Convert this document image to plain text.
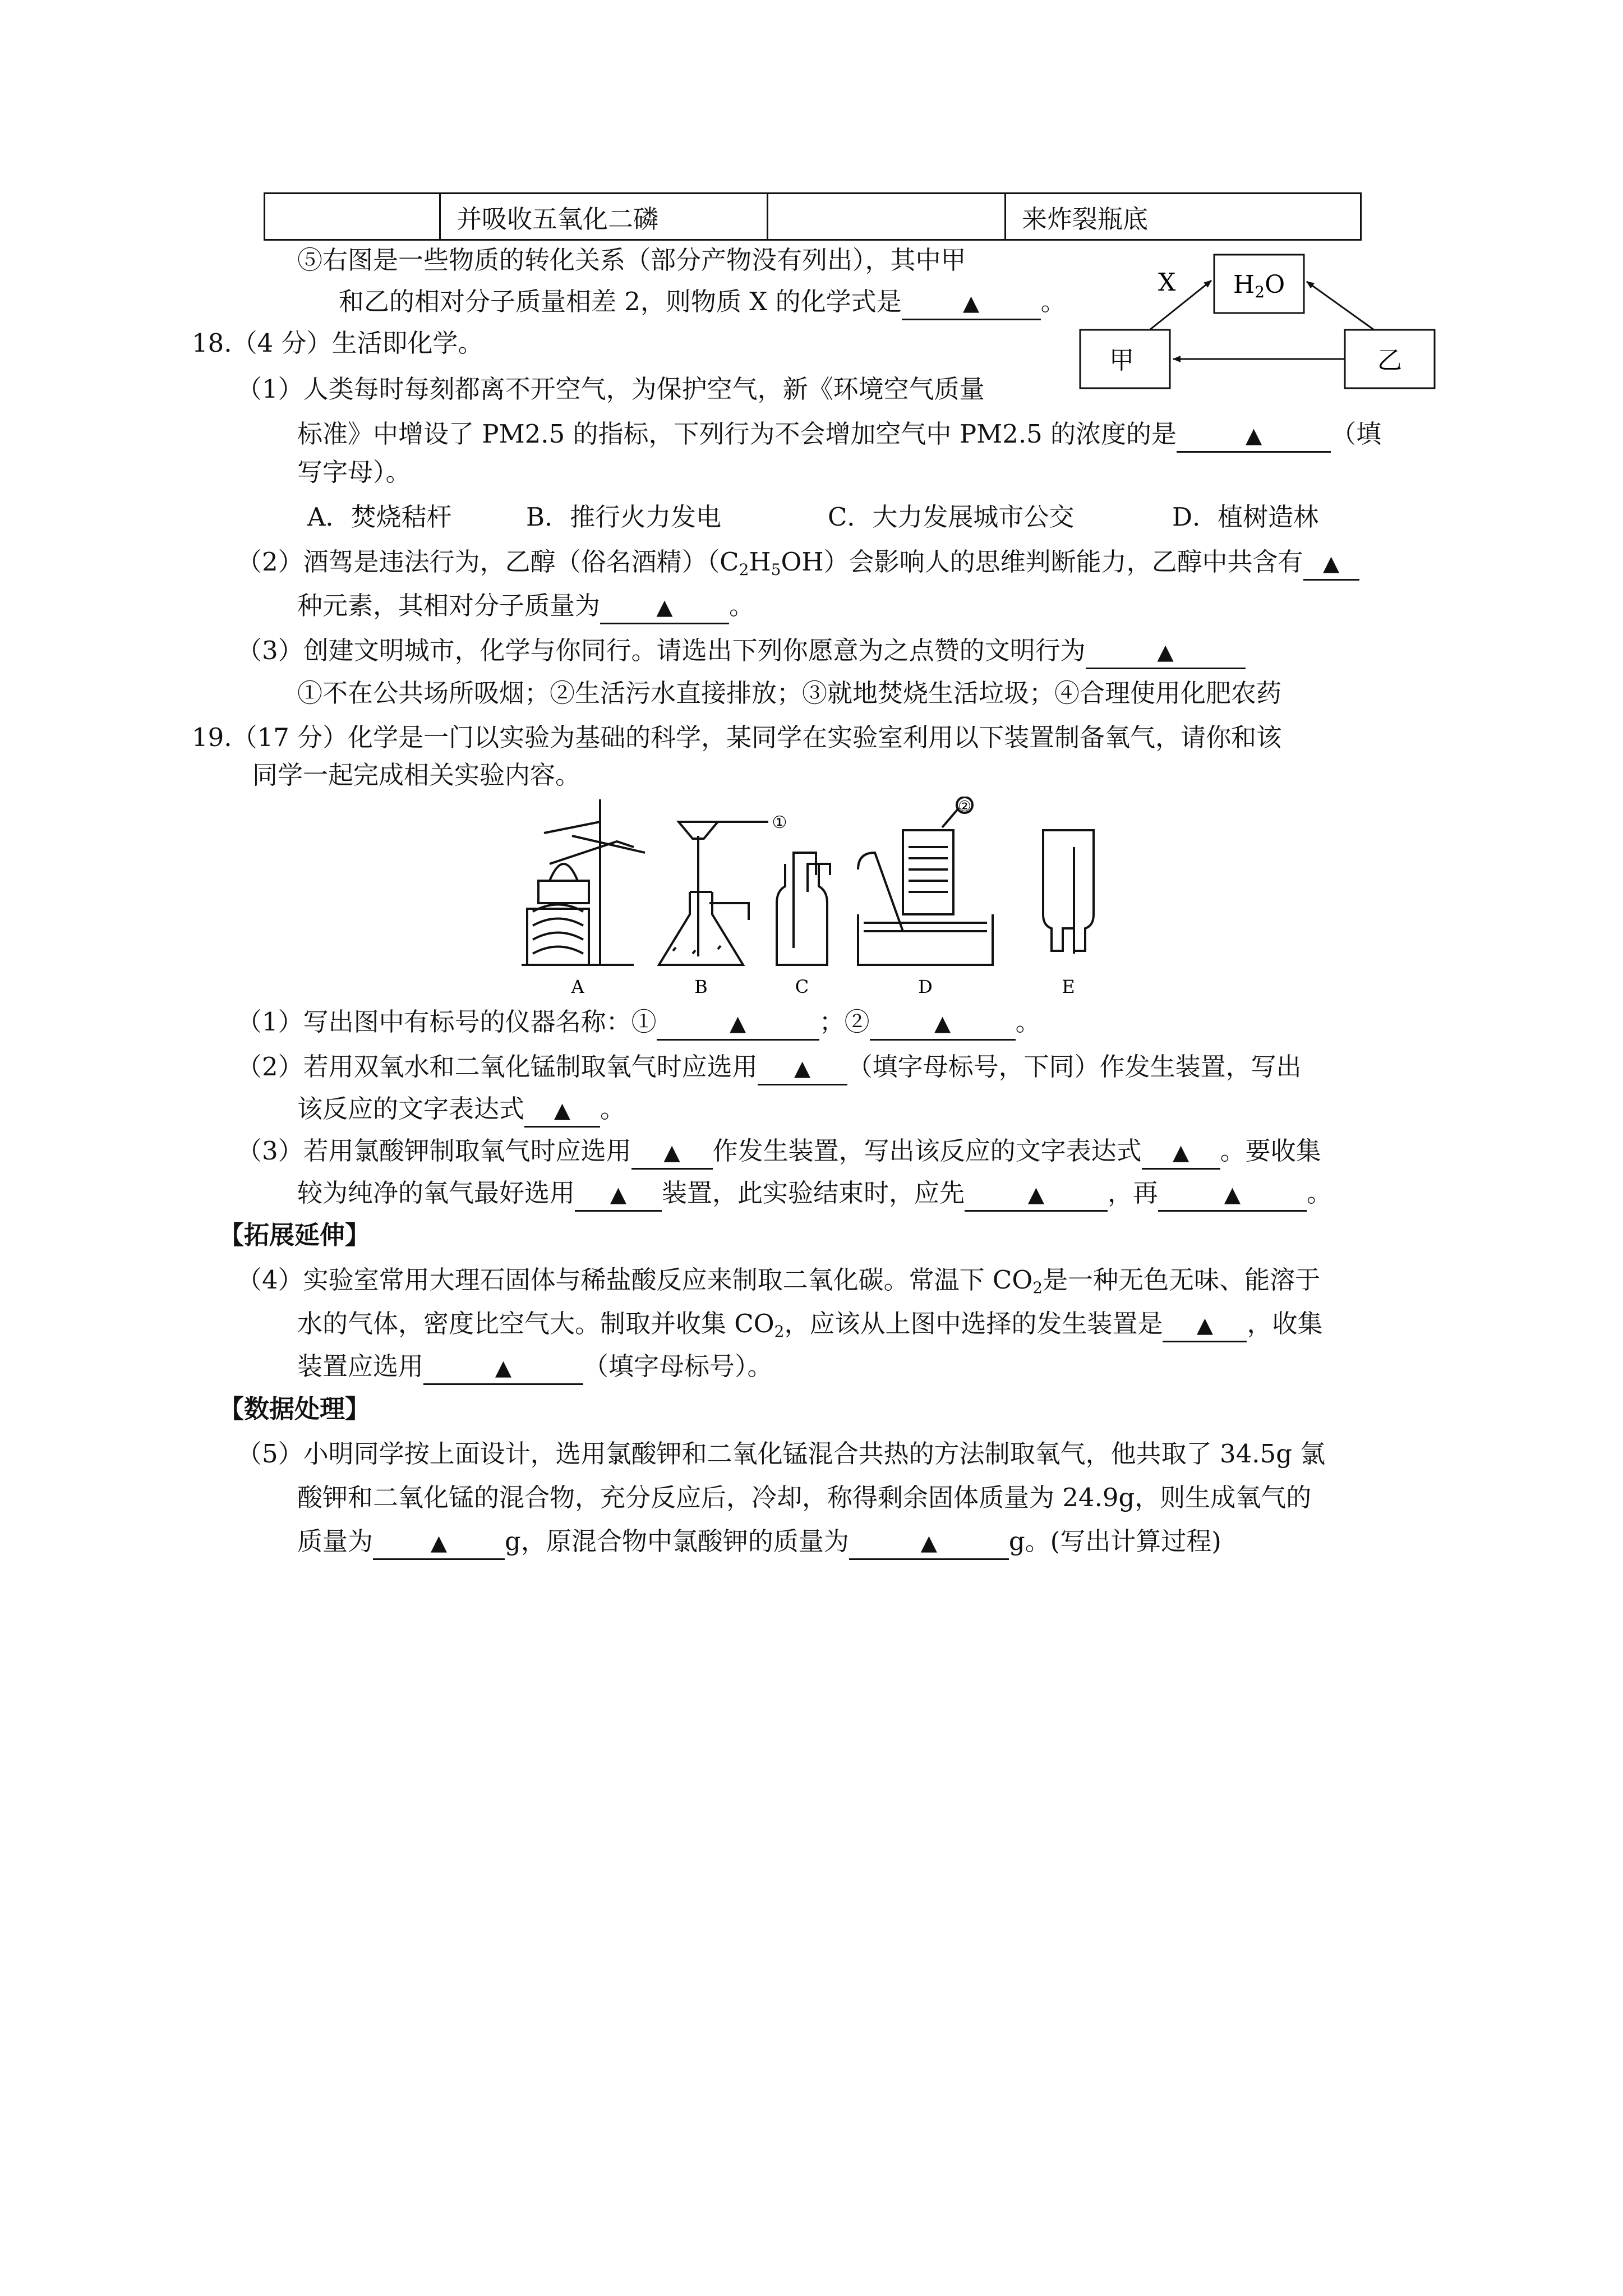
	并吸收五氧化二磷		来炸裂瓶底
⑤右图是一些物质的转化关系（部分产物没有列出），其中甲
和乙的相对分子质量相差 2，则物质 X 的化学式是	▲ 。
H2O
甲	乙
X
18.（4 分）生活即化学。
（1）人类每时每刻都离不开空气，为保护空气，新《环境空气质量
标准》中增设了 PM2.5 的指标，下列行为不会增加空气中 PM2.5 的浓度的是	▲	（填
写字母）。
A．焚烧秸杆	B．推行火力发电	C．大力发展城市公交	D．植树造林
（2）酒驾是违法行为，乙醇（俗名酒精）$(C_2H_5OH)$会影响人的思维判断能力，乙醇中共含有 ▲
种元素，其相对分子质量为	▲ 。
（3）创建文明城市，化学与你同行。请选出下列你愿意为之点赞的文明行为	▲
①不在公共场所吸烟；②生活污水直接排放；③就地焚烧生活垃圾；④合理使用化肥农药
19.（17 分）化学是一门以实验为基础的科学，某同学在实验室利用以下装置制备氧气，请你和该
同学一起完成相关实验内容。
②
①
A	B	C	D	E
（1）写出图中有标号的仪器名称：①	▲	；②	▲	。
（2）若用双氧水和二氧化锰制取氧气时应选用 ▲ （填字母标号，下同）作发生装置，写出
该反应的文字表达式 ▲ 。
（3）若用氯酸钾制取氧气时应选用 ▲ 作发生装置，写出该反应的文字表达式 ▲ 。要收集
较为纯净的氧气最好选用 ▲ 装置，此实验结束时，应先	▲	，再	▲	。
【拓展延伸】
（4）实验室常用大理石固体与稀盐酸反应来制取二氧化碳。常温下 $CO_2$是一种无色无味、能溶于
水的气体，密度比空气大。制取并收集 $CO_2$，应该从上图中选择的发生装置是 ▲ ，收集
装置应选用	▲	（填字母标号）。
【数据处理】
（5）小明同学按上面设计，选用氯酸钾和二氧化锰混合共热的方法制取氧气，他共取了 34.5g 氯
酸钾和二氧化锰的混合物，充分反应后，冷却，称得剩余固体质量为 24.9g，则生成氧气的
质量为	▲ g，原混合物中氯酸钾的质量为	▲	g。(写出计算过程)
